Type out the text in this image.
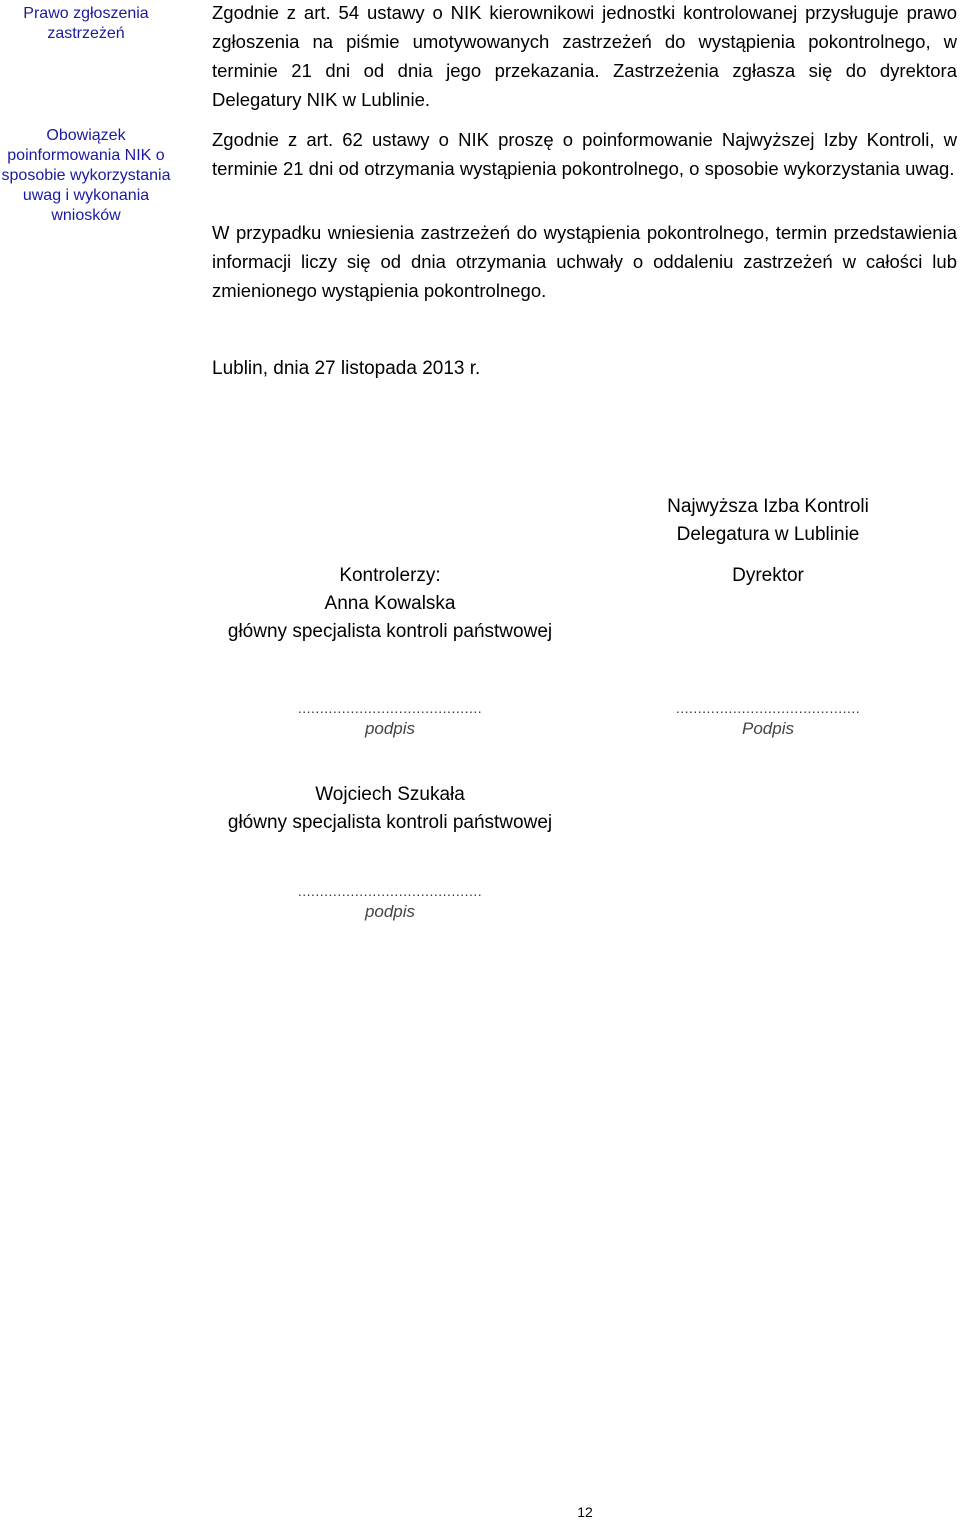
Prawo zgłoszenia zastrzeżeń
Obowiązek poinformowania NIK o sposobie wykorzystania uwag i wykonania wniosków

Zgodnie z art. 54 ustawy o NIK kierownikowi jednostki kontrolowanej przysługuje prawo zgłoszenia na piśmie umotywowanych zastrzeżeń do wystąpienia pokontrolnego, w terminie 21 dni od dnia jego przekazania. Zastrzeżenia zgłasza się do dyrektora Delegatury NIK w Lublinie.

Zgodnie z art. 62 ustawy o NIK proszę o poinformowanie Najwyższej Izby Kontroli, w terminie 21 dni od otrzymania wystąpienia pokontrolnego, o sposobie wykorzystania uwag.

W przypadku wniesienia zastrzeżeń do wystąpienia pokontrolnego, termin przedstawienia informacji liczy się od dnia otrzymania uchwały o oddaleniu zastrzeżeń w całości lub zmienionego wystąpienia pokontrolnego.

Lublin, dnia 27 listopada 2013 r.
Najwyższa Izba Kontroli
Delegatura w Lublinie
Dyrektor
Kontrolerzy:
Anna Kowalska
główny specjalista kontroli państwowej
..........................................
podpis
..........................................
Podpis
Wojciech Szukała
główny specjalista kontroli państwowej
..........................................
podpis
12
